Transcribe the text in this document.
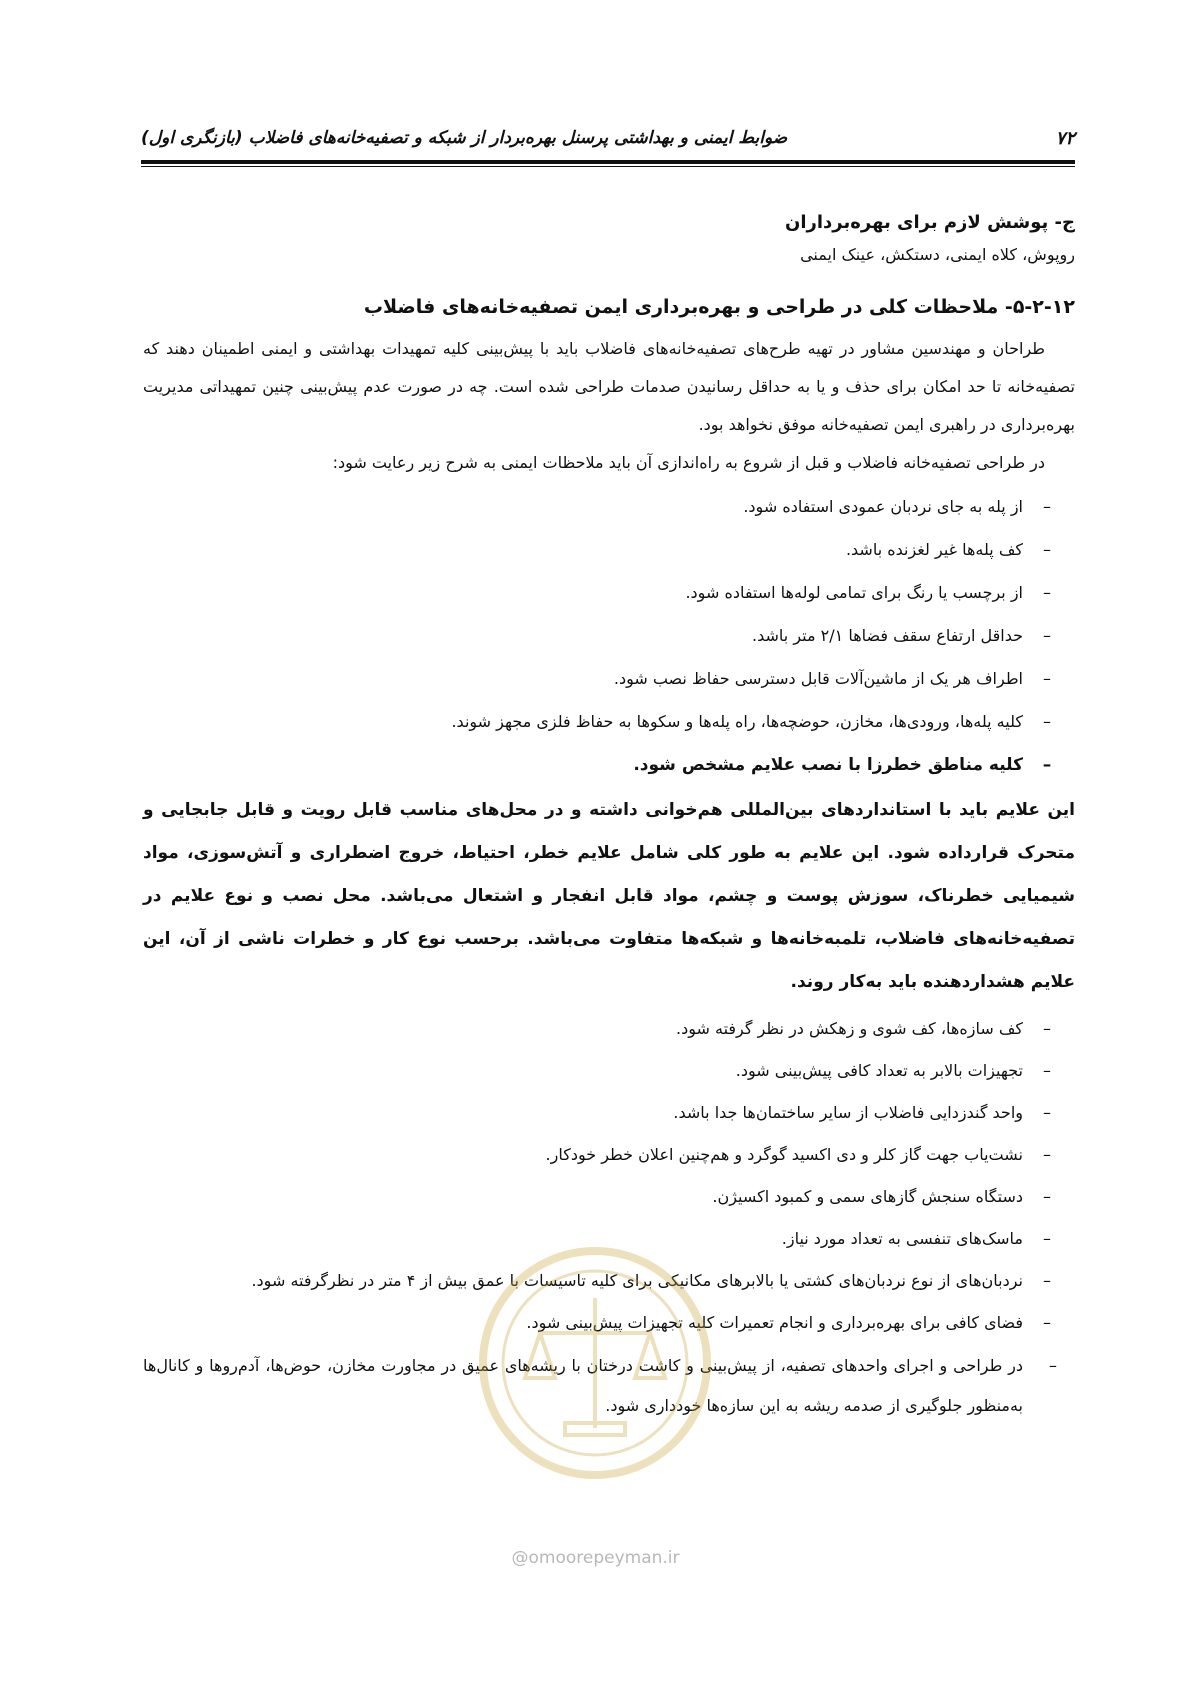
۷۲
ضوابط ایمنی و بهداشتی پرسنل بهره‌بردار از شبکه و تصفیه‌خانه‌های فاضلاب (بازنگری اول)

ج- پوشش لازم برای بهره‌برداران

روپوش، کلاه ایمنی، دستکش، عینک ایمنی

۵-۲-۱۲- ملاحظات کلی در طراحی و بهره‌برداری ایمن تصفیه‌خانه‌های فاضلاب

طراحان و مهندسین مشاور در تهیه طرح‌های تصفیه‌خانه‌های فاضلاب باید با پیش‌بینی کلیه تمهیدات بهداشتی و ایمنی اطمینان دهند که تصفیه‌خانه تا حد امکان برای حذف و یا به حداقل رسانیدن صدمات طراحی شده است. چه در صورت عدم پیش‌بینی چنین تمهیداتی مدیریت بهره‌برداری در راهبری ایمن تصفیه‌خانه موفق نخواهد بود.

در طراحی تصفیه‌خانه فاضلاب و قبل از شروع به راه‌اندازی آن باید ملاحظات ایمنی به شرح زیر رعایت شود:

–
از پله به جای نردبان عمودی استفاده شود.
–
کف پله‌ها غیر لغزنده باشد.
–
از برچسب یا رنگ برای تمامی لوله‌ها استفاده شود.
–
حداقل ارتفاع سقف فضاها ۲/۱ متر باشد.
–
اطراف هر یک از ماشین‌آلات قابل دسترسی حفاظ نصب شود.
–
کلیه پله‌ها، ورودی‌ها، مخازن، حوضچه‌ها، راه پله‌ها و سکوها به حفاظ فلزی مجهز شوند.
–
کلیه مناطق خطرزا با نصب علایم مشخص شود.

این علایم باید با استانداردهای بین‌المللی هم‌خوانی داشته و در محل‌های مناسب قابل رویت و قابل جابجایی و متحرک قرارداده شود. این علایم به طور کلی شامل علایم خطر، احتیاط، خروج اضطراری و آتش‌سوزی، مواد شیمیایی خطرناک، سوزش پوست و چشم، مواد قابل انفجار و اشتعال می‌باشد. محل نصب و نوع علایم در تصفیه‌خانه‌های فاضلاب، تلمبه‌خانه‌ها و شبکه‌ها متفاوت می‌باشد. برحسب نوع کار و خطرات ناشی از آن، این علایم هشداردهنده باید به‌کار روند.

–
کف سازه‌ها، کف شوی و زهکش در نظر گرفته شود.
–
تجهیزات بالابر به تعداد کافی پیش‌بینی شود.
–
واحد گندزدایی فاضلاب از سایر ساختمان‌ها جدا باشد.
–
نشت‌یاب جهت گاز کلر و دی اکسید گوگرد و هم‌چنین اعلان خطر خودکار.
–
دستگاه سنجش گازهای سمی و کمبود اکسیژن.
–
ماسک‌های تنفسی به تعداد مورد نیاز.
–
نردبان‌های از نوع نردبان‌های کشتی یا بالابرهای مکانیکی برای کلیه تاسیسات با عمق بیش از ۴ متر در نظرگرفته شود.
–
فضای کافی برای بهره‌برداری و انجام تعمیرات کلیه تجهیزات پیش‌بینی شود.
–
در طراحی و اجرای واحدهای تصفیه، از پیش‌بینی و کاشت درختان با ریشه‌های عمیق در مجاورت مخازن، حوض‌ها، آدم‌روها و کانال‌ها به‌منظور جلوگیری از صدمه ریشه به این سازه‌ها خودداری شود.
@omoorepeyman.ir
